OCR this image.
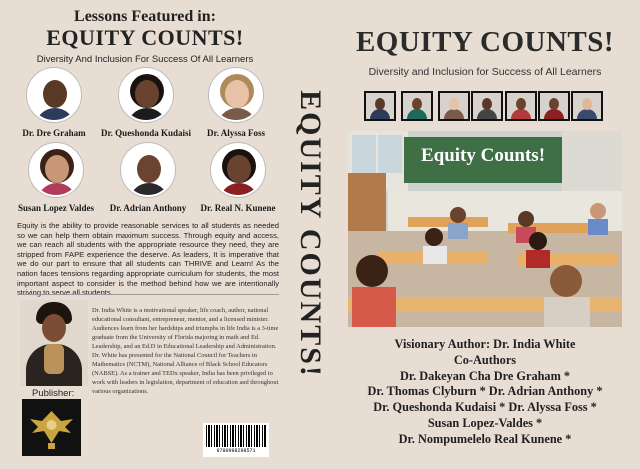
Lessons Featured in:
EQUITY COUNTS!
Diversity And Inclusion For Success Of All Learners
Dr. Dre Graham	Dr. Queshonda Kudaisi	Dr. Alyssa Foss
Susan Lopez Valdes	Dr. Adrian Anthony	Dr. Real N. Kunene
Equity is the ability to provide reasonable services to all students as needed so we can help them obtain maximum success. Through equity and access, we can reach all students with the appropriate resource they need, they are stripped from FAPE experience the deserve. As leaders, It is imperative that we do our part to ensure that all students can THRIVE and Learn! As the nation faces tensions regarding appropriate curriculum for students, the most important aspect to consider is the method behind how we are intentionally striving to serve all students.
Dr. India White is a motivational speaker, life coach, author, national educational consultant, entrepreneur, mentor, and a licensed minister. Audiences learn from her hardships and triumphs in life India is a 3-time graduate from the University of Florida majoring in math and Ed. Leadership, and an Ed.D in Educational Leadership and Administration. Dr. White has presented for the National Council for Teachers in Mathematics (NCTM), National Alliance of Black School Educators (NABSE). As a trainer and TEDx speaker, India has been privileged to work with leaders in legislation, department of education and throughout various organizations.
Publisher:
9780998298571
EQUITY COUNTS!
EQUITY COUNTS!
Diversity and Inclusion for Success of All Learners
Equity Counts!
Visionary Author: Dr. India White
Co-Authors
Dr. Dakeyan Cha Dre Graham *
Dr. Thomas Clyburn * Dr. Adrian Anthony *
Dr. Queshonda Kudaisi * Dr. Alyssa Foss *
Susan Lopez-Valdes *
Dr. Nompumelelo Real Kunene *
